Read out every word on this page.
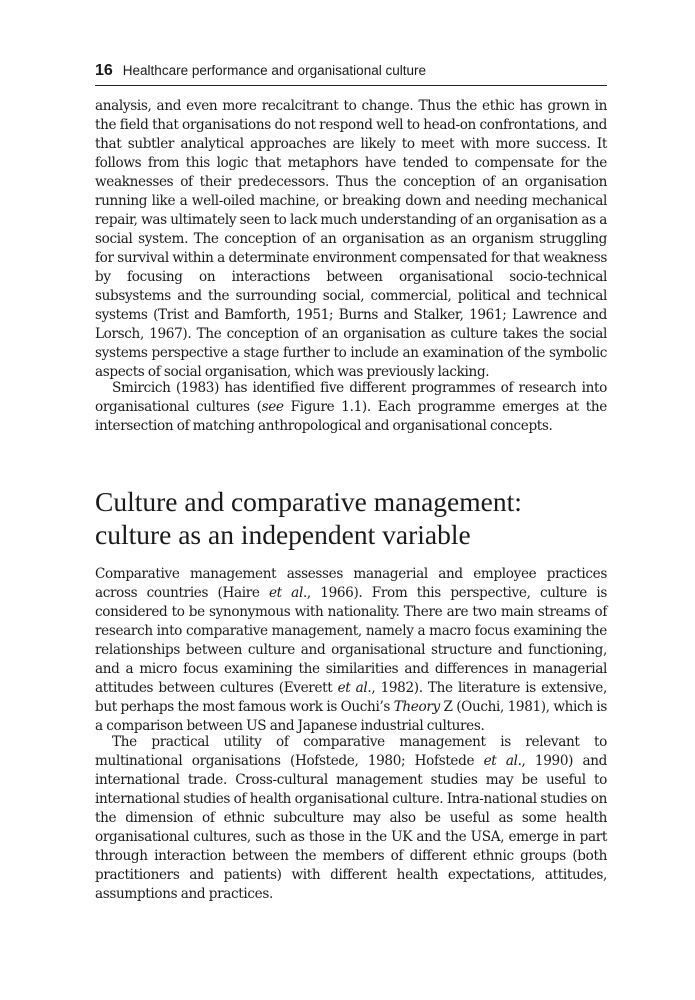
16 Healthcare performance and organisational culture

analysis, and even more recalcitrant to change. Thus the ethic has grown in the field that organisations do not respond well to head-on confrontations, and that subtler analytical approaches are likely to meet with more success. It follows from this logic that metaphors have tended to compensate for the weaknesses of their predecessors. Thus the conception of an organisation running like a well-oiled machine, or breaking down and needing mechanical repair, was ultimately seen to lack much understanding of an organisation as a social system. The conception of an organisation as an organism struggling for survival within a determinate environment compensated for that weakness by focusing on interactions between organisational socio-technical subsystems and the surrounding social, commercial, political and technical systems (Trist and Bamforth, 1951; Burns and Stalker, 1961; Lawrence and Lorsch, 1967). The conception of an organisation as culture takes the social systems perspective a stage further to include an examination of the symbolic aspects of social organisation, which was previously lacking.

Smircich (1983) has identified five different programmes of research into organisational cultures (see Figure 1.1). Each programme emerges at the intersection of matching anthropological and organisational concepts.

Culture and comparative management:
culture as an independent variable

Comparative management assesses managerial and employee practices across countries (Haire et al., 1966). From this perspective, culture is considered to be synonymous with nationality. There are two main streams of research into comparative management, namely a macro focus examining the relationships between culture and organisational structure and functioning, and a micro focus examining the similarities and differences in managerial attitudes between cultures (Everett et al., 1982). The literature is extensive, but perhaps the most famous work is Ouchi’s Theory Z (Ouchi, 1981), which is a comparison between US and Japanese industrial cultures.

The practical utility of comparative management is relevant to multinational organisations (Hofstede, 1980; Hofstede et al., 1990) and international trade. Cross-cultural management studies may be useful to international studies of health organisational culture. Intra-national studies on the dimension of ethnic subculture may also be useful as some health organisational cultures, such as those in the UK and the USA, emerge in part through interaction between the members of different ethnic groups (both practitioners and patients) with different health expectations, attitudes, assumptions and practices.
